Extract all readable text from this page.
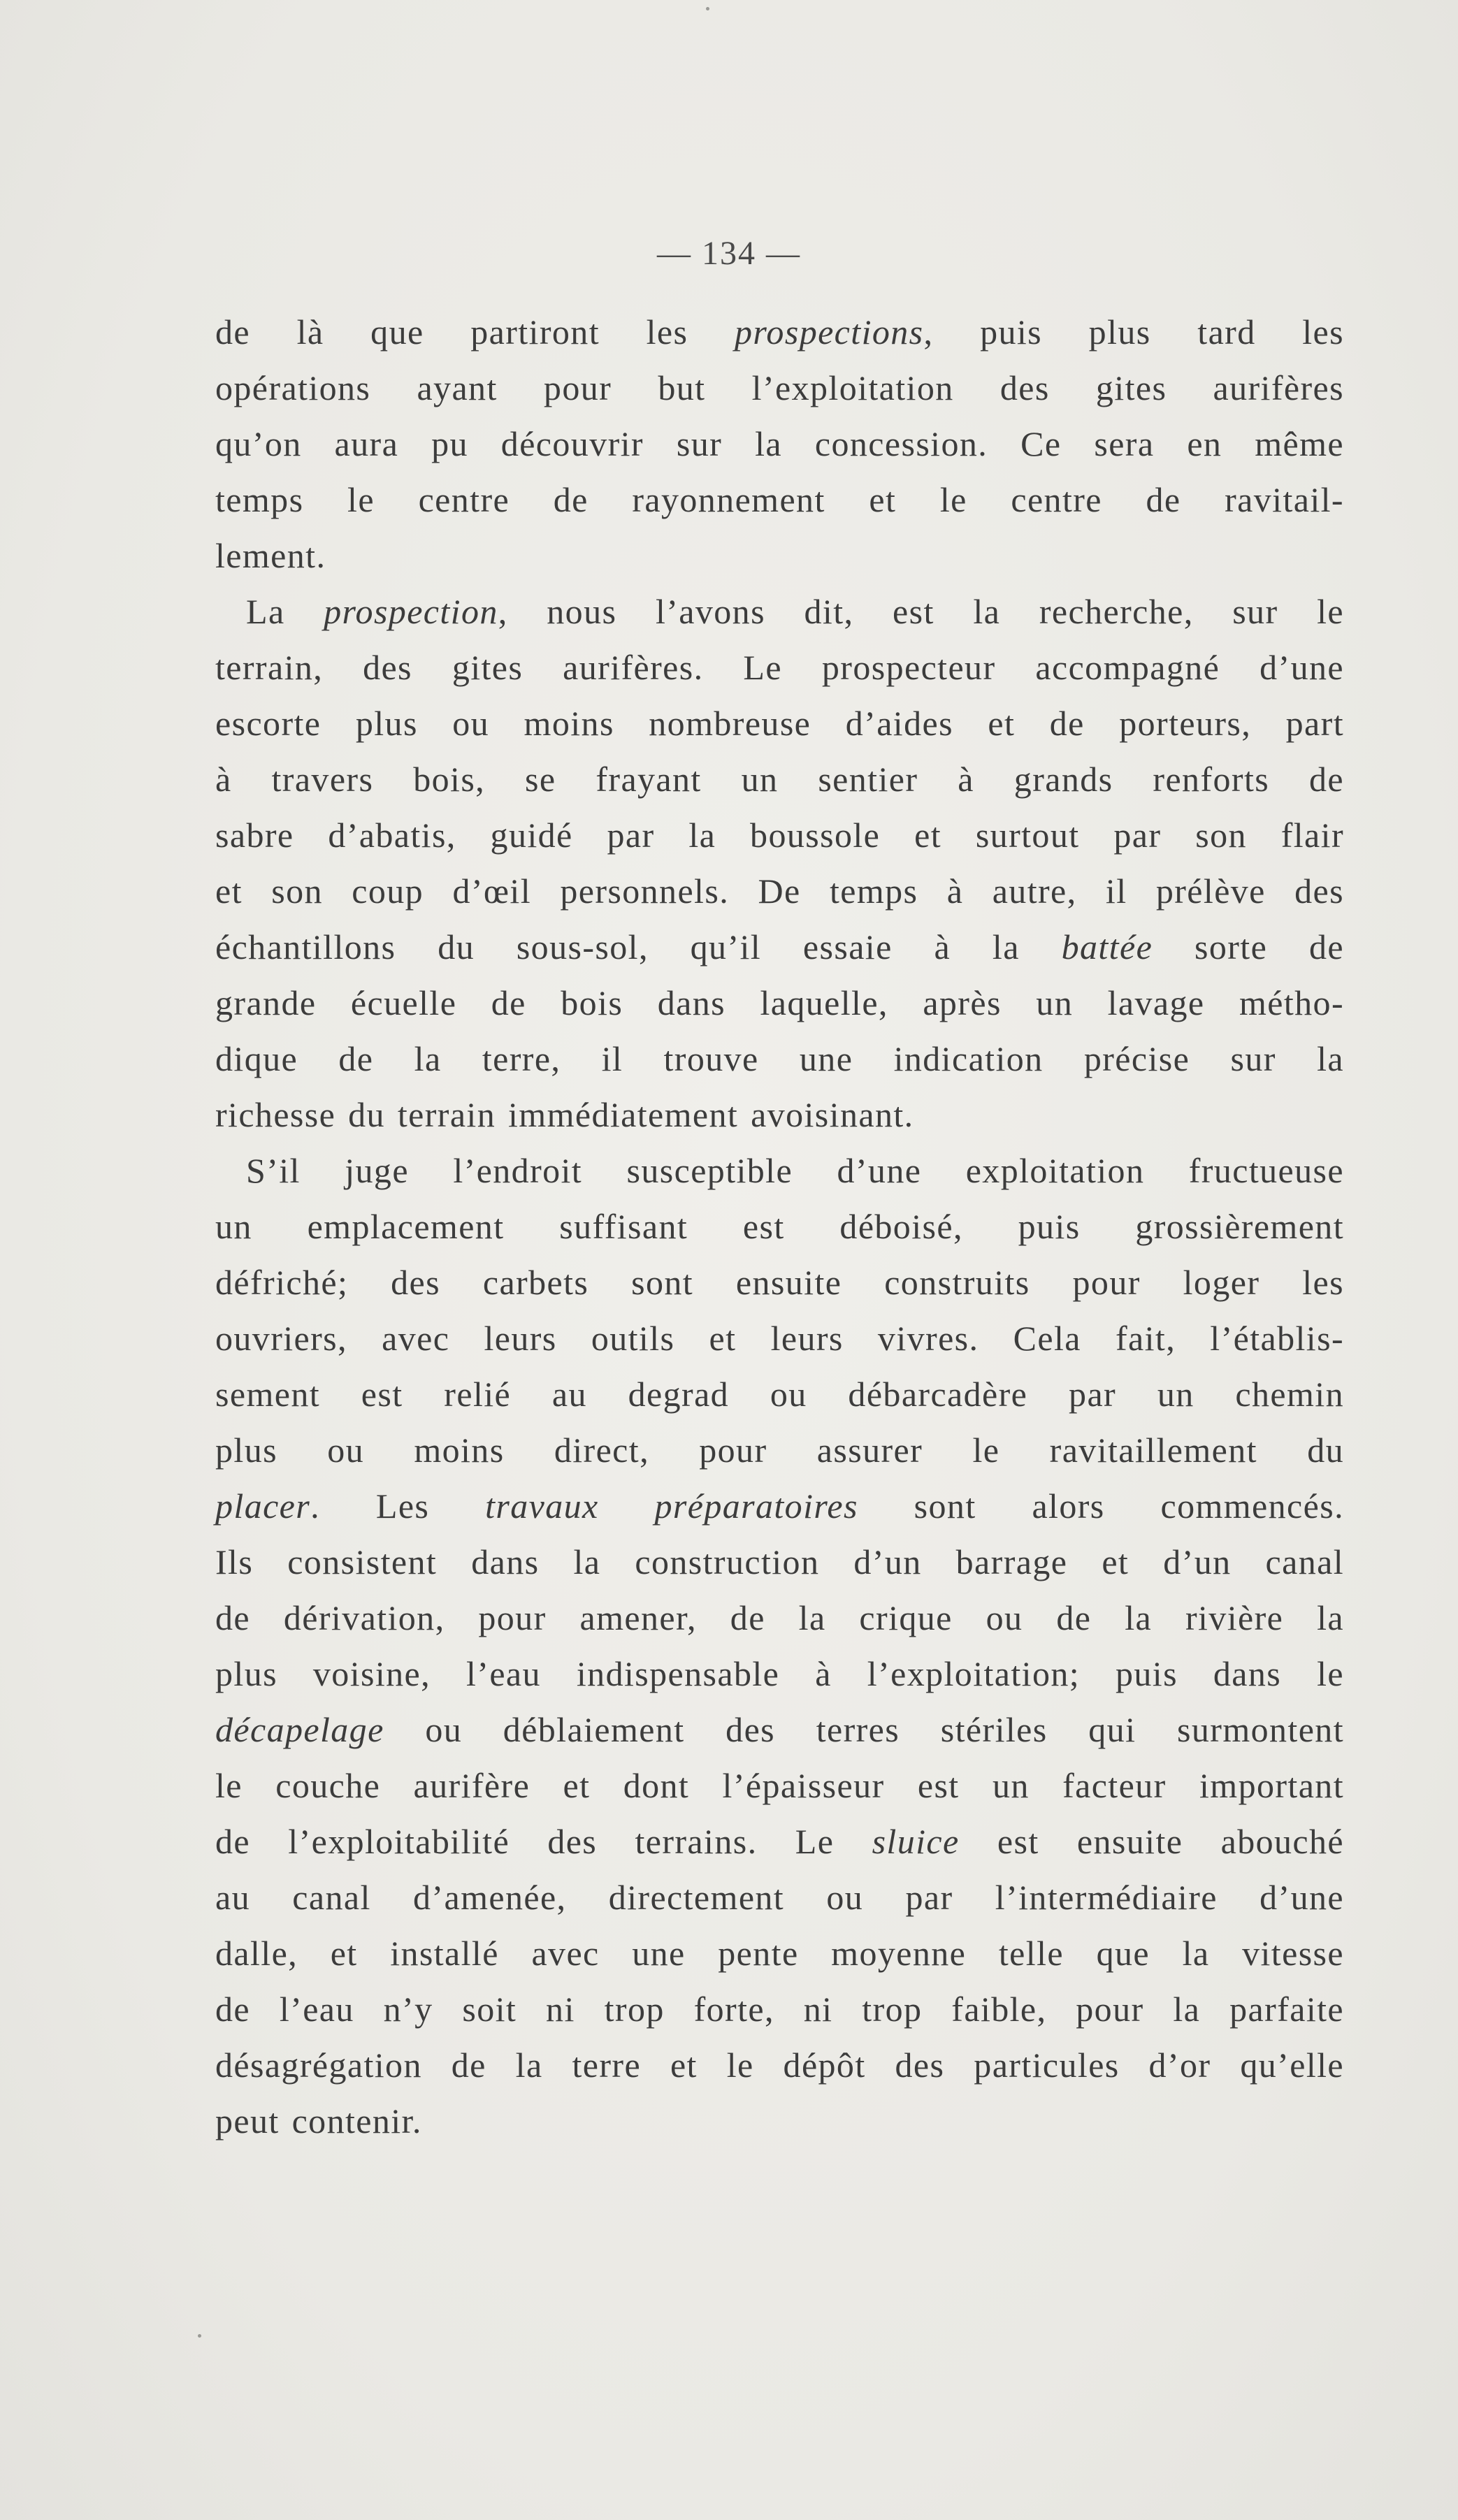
— 134 —
de là que partiront les prospections, puis plus tard les
opérations ayant pour but l’exploitation des gites aurifères
qu’on aura pu découvrir sur la concession. Ce sera en même
temps le centre de rayonnement et le centre de ravitail-
lement.
La prospection, nous l’avons dit, est la recherche, sur le
terrain, des gites aurifères. Le prospecteur accompagné d’une
escorte plus ou moins nombreuse d’aides et de porteurs, part
à travers bois, se frayant un sentier à grands renforts de
sabre d’abatis, guidé par la boussole et surtout par son flair
et son coup d’œil personnels. De temps à autre, il prélève des
échantillons du sous-sol, qu’il essaie à la battée sorte de
grande écuelle de bois dans laquelle, après un lavage métho-
dique de la terre, il trouve une indication précise sur la
richesse du terrain immédiatement avoisinant.
S’il juge l’endroit susceptible d’une exploitation fructueuse
un emplacement suffisant est déboisé, puis grossièrement
défriché; des carbets sont ensuite construits pour loger les
ouvriers, avec leurs outils et leurs vivres. Cela fait, l’établis-
sement est relié au degrad ou débarcadère par un chemin
plus ou moins direct, pour assurer le ravitaillement du
placer. Les travaux préparatoires sont alors commencés.
Ils consistent dans la construction d’un barrage et d’un canal
de dérivation, pour amener, de la crique ou de la rivière la
plus voisine, l’eau indispensable à l’exploitation; puis dans le
décapelage ou déblaiement des terres stériles qui surmontent
le couche aurifère et dont l’épaisseur est un facteur important
de l’exploitabilité des terrains. Le sluice est ensuite abouché
au canal d’amenée, directement ou par l’intermédiaire d’une
dalle, et installé avec une pente moyenne telle que la vitesse
de l’eau n’y soit ni trop forte, ni trop faible, pour la parfaite
désagrégation de la terre et le dépôt des particules d’or qu’elle
peut contenir.
